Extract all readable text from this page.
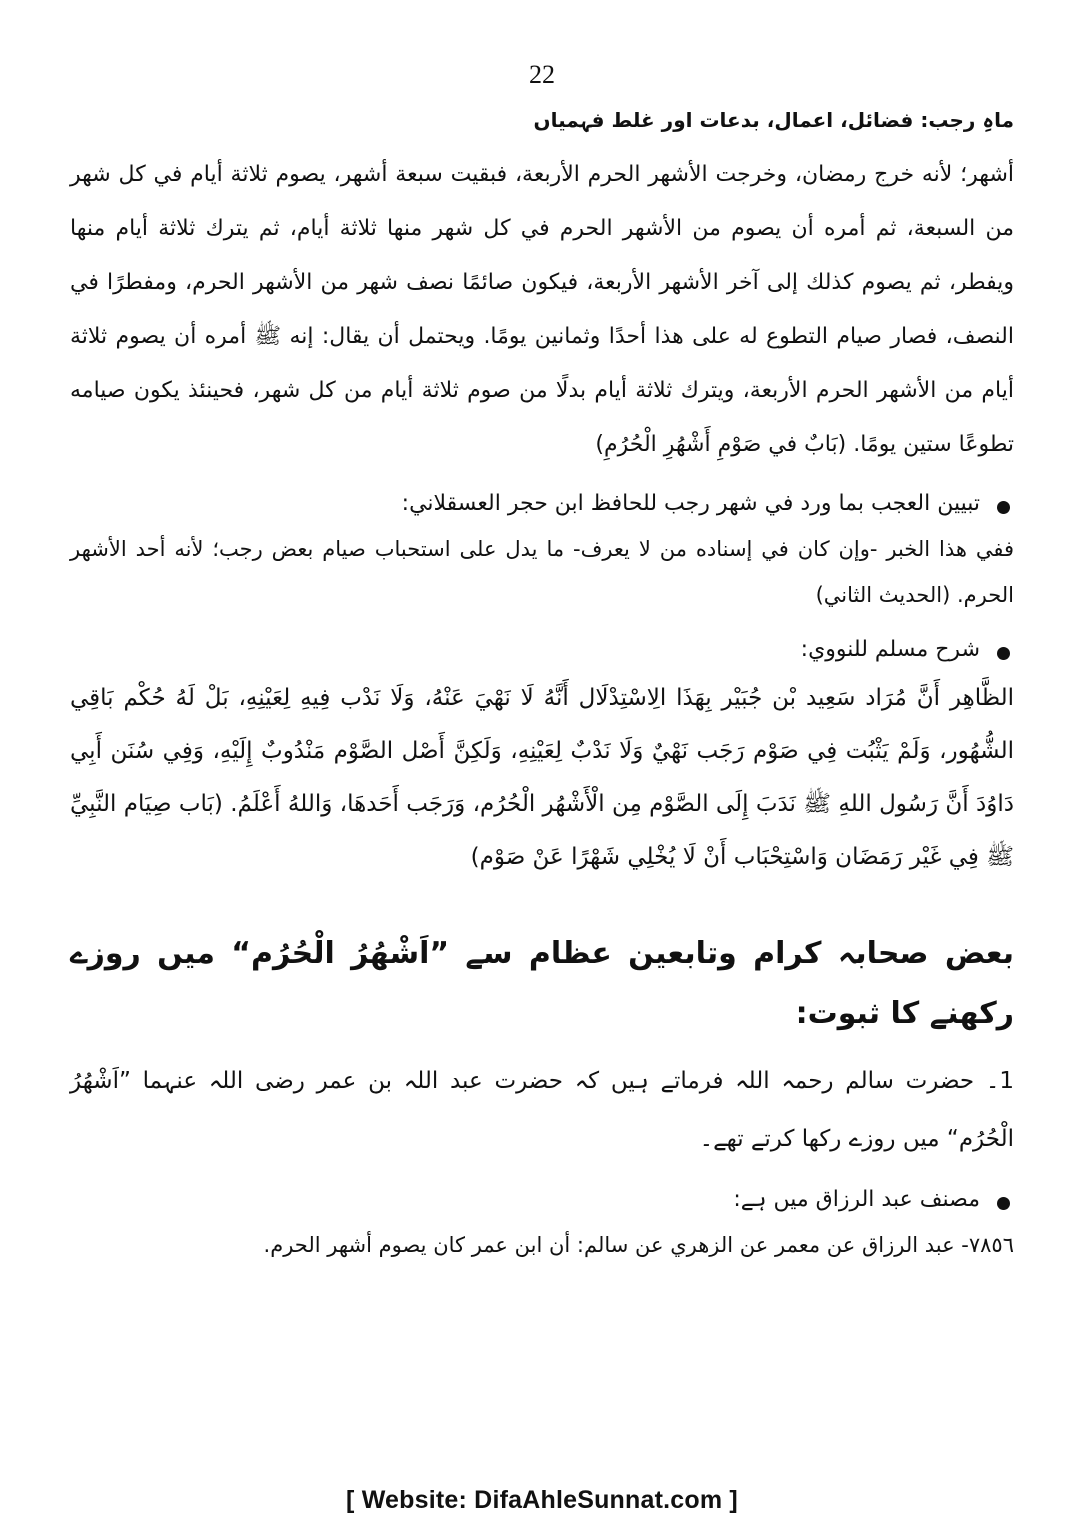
22
ماہِ رجب: فضائل، اعمال، بدعات اور غلط فہمیاں

أشهر؛ لأنه خرج رمضان، وخرجت الأشهر الحرم الأربعة، فبقيت سبعة أشهر، يصوم ثلاثة أيام في كل شهر من السبعة، ثم أمره أن يصوم من الأشهر الحرم في كل شهر منها ثلاثة أيام، ثم يترك ثلاثة أيام منها ويفطر، ثم يصوم كذلك إلى آخر الأشهر الأربعة، فيكون صائمًا نصف شهر من الأشهر الحرم، ومفطرًا في النصف، فصار صيام التطوع له على هذا أحدًا وثمانين يومًا. ويحتمل أن يقال: إنه ﷺ أمره أن يصوم ثلاثة أيام من الأشهر الحرم الأربعة، ويترك ثلاثة أيام بدلًا من صوم ثلاثة أيام من كل شهر، فحينئذ يكون صيامه تطوعًا ستين يومًا. (بَابٌ في صَوْمِ أَشْهُرِ الْحُرُمِ)

تبيين العجب بما ورد في شهر رجب للحافظ ابن حجر العسقلاني:

ففي هذا الخبر -وإن كان في إسناده من لا يعرف- ما يدل على استحباب صيام بعض رجب؛ لأنه أحد الأشهر الحرم. (الحديث الثاني)

شرح مسلم للنووي:

الظَّاهِر أَنَّ مُرَاد سَعِيد بْن جُبَيْر بِهَذَا الِاسْتِدْلَال أَنَّهُ لَا نَهْيَ عَنْهُ، وَلَا نَدْب فِيهِ لِعَيْنِهِ، بَلْ لَهُ حُكْم بَاقِي الشُّهُور، وَلَمْ يَثْبُت فِي صَوْم رَجَب نَهْيٌ وَلَا نَدْبٌ لِعَيْنِهِ، وَلَكِنَّ أَصْل الصَّوْم مَنْدُوبٌ إِلَيْهِ، وَفِي سُنَن أَبِي دَاوُدَ أَنَّ رَسُول اللهِ ﷺ نَدَبَ إِلَى الصَّوْم مِن الْأَشْهُر الْحُرُم، وَرَجَب أَحَدهَا، وَاللهُ أَعْلَمُ. (بَاب صِيَام النَّبِيِّ ﷺ فِي غَيْر رَمَضَان وَاسْتِحْبَاب أَنْ لَا يُخْلِي شَهْرًا عَنْ صَوْم)

بعض صحابہ کرام وتابعین عظام سے ”اَشْهُرُ الْحُرُم“ میں روزے رکھنے کا ثبوت:

1۔ حضرت سالم رحمہ اللہ فرماتے ہیں کہ حضرت عبد اللہ بن عمر رضی اللہ عنہما ”اَشْهُرُ الْحُرُم“ میں روزے رکھا کرتے تھے۔

مصنف عبد الرزاق میں ہے:

٧٨٥٦- عبد الرزاق عن معمر عن الزهري عن سالم: أن ابن عمر كان يصوم أشهر الحرم.

[ Website: DifaAhleSunnat.com ]
